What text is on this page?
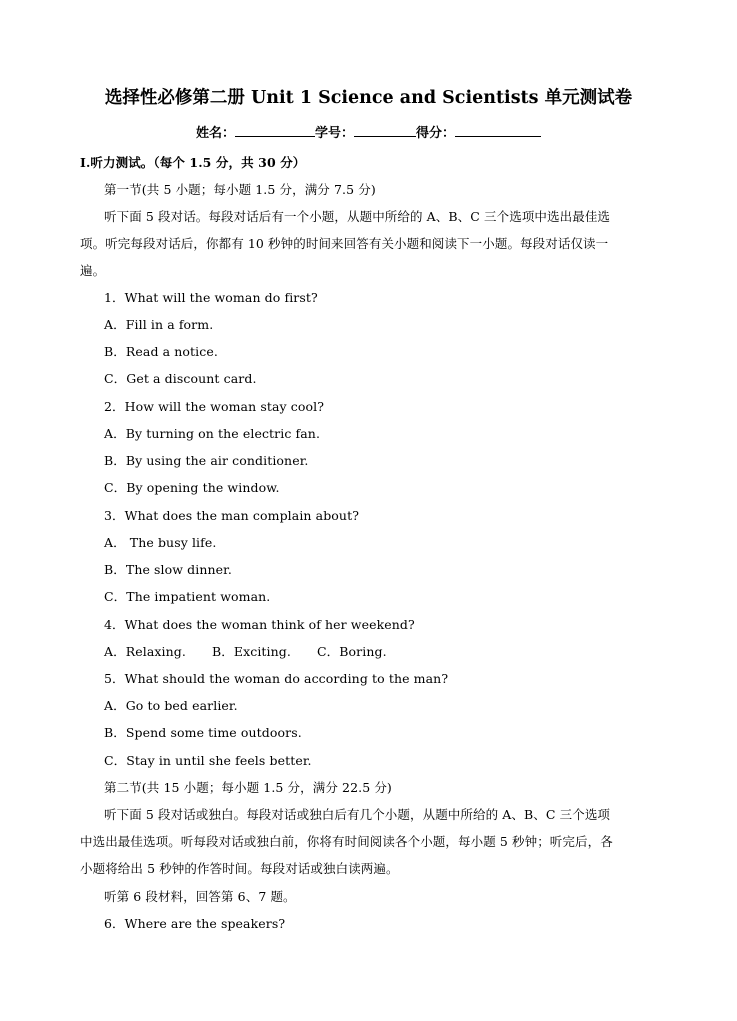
选择性必修第二册 Unit 1 Science and Scientists 单元测试卷
姓名：	学号：	得分：
I.听力测试。（每个 1.5 分，共 30 分）
第一节(共 5 小题；每小题 1.5 分，满分 7.5 分)
听下面 5 段对话。每段对话后有一个小题，从题中所给的 A、B、C 三个选项中选出最佳选
项。听完每段对话后，你都有 10 秒钟的时间来回答有关小题和阅读下一小题。每段对话仅读一
遍。
1．What will the woman do first?
A．Fill in a form.
B．Read a notice.
C．Get a discount card.
2．How will the woman stay cool?
A．By turning on the electric fan.
B．By using the air conditioner.
C．By opening the window.
3．What does the man complain about?
A． The busy life.
B．The slow dinner.
C．The impatient woman.
4．What does the woman think of her weekend?
A．Relaxing. B．Exciting. C．Boring.
5．What should the woman do according to the man?
A．Go to bed earlier.
B．Spend some time outdoors.
C．Stay in until she feels better.
第二节(共 15 小题；每小题 1.5 分，满分 22.5 分)
听下面 5 段对话或独白。每段对话或独白后有几个小题，从题中所给的 A、B、C 三个选项
中选出最佳选项。听每段对话或独白前，你将有时间阅读各个小题，每小题 5 秒钟；听完后，各
小题将给出 5 秒钟的作答时间。每段对话或独白读两遍。
听第 6 段材料，回答第 6、7 题。
6．Where are the speakers?
